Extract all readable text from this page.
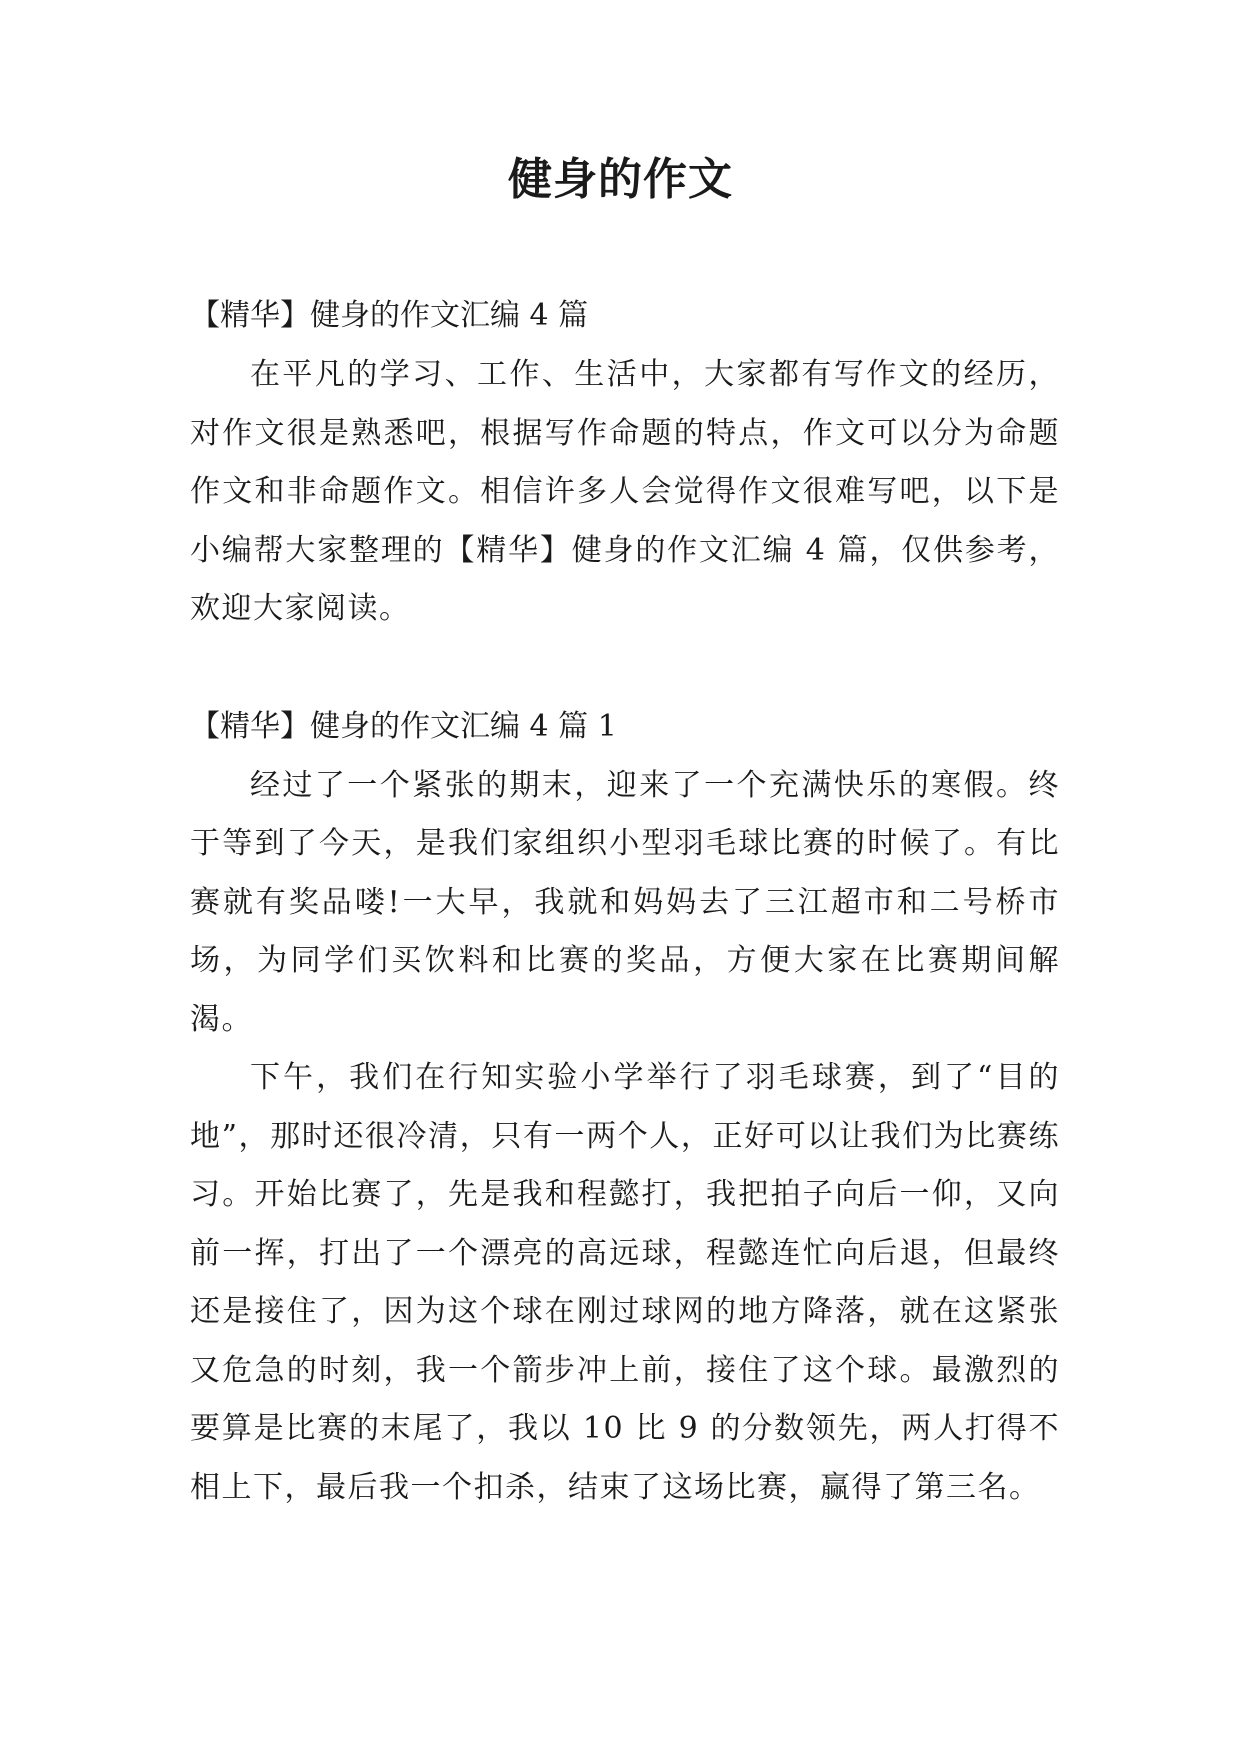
健身的作文

【精华】健身的作文汇编 4 篇

在平凡的学习、工作、生活中，大家都有写作文的经历，对作文很是熟悉吧，根据写作命题的特点，作文可以分为命题作文和非命题作文。相信许多人会觉得作文很难写吧，以下是小编帮大家整理的【精华】健身的作文汇编 4 篇，仅供参考，欢迎大家阅读。

【精华】健身的作文汇编 4 篇 1

经过了一个紧张的期末，迎来了一个充满快乐的寒假。终于等到了今天，是我们家组织小型羽毛球比赛的时候了。有比赛就有奖品喽!一大早，我就和妈妈去了三江超市和二号桥市场，为同学们买饮料和比赛的奖品，方便大家在比赛期间解渴。

下午，我们在行知实验小学举行了羽毛球赛，到了“目的地”，那时还很冷清，只有一两个人，正好可以让我们为比赛练习。开始比赛了，先是我和程懿打，我把拍子向后一仰，又向前一挥，打出了一个漂亮的高远球，程懿连忙向后退，但最终还是接住了，因为这个球在刚过球网的地方降落，就在这紧张又危急的时刻，我一个箭步冲上前，接住了这个球。最激烈的要算是比赛的末尾了，我以 10 比 9 的分数领先，两人打得不相上下，最后我一个扣杀，结束了这场比赛，赢得了第三名。
